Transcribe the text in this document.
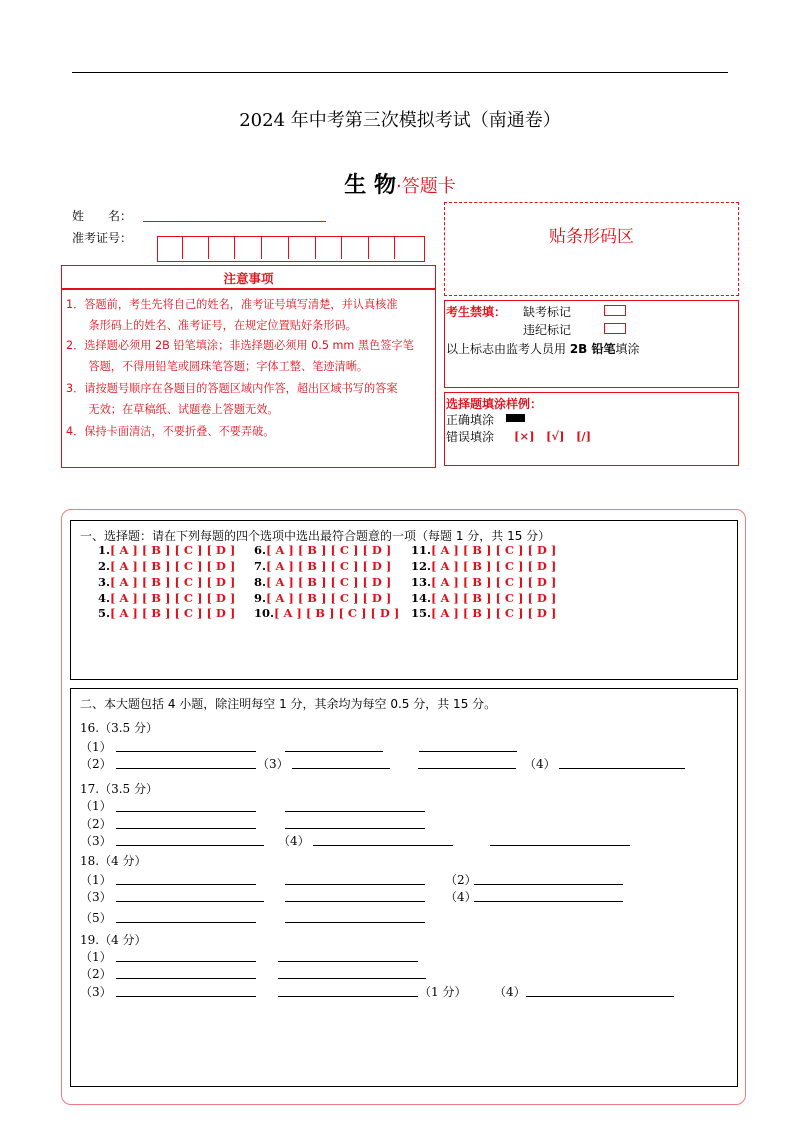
2024 年中考第三次模拟考试（南通卷）
生 物·答题卡
姓　　名：
准考证号：	贴条形码区
注意事项
1．答题前，考生先将自己的姓名，准考证号填写清楚，并认真核准
　　条形码上的姓名、准考证号，在规定位置贴好条形码。
2．选择题必须用 2B 铅笔填涂；非选择题必须用 0.5 mm 黑色签字笔
　　答题，不得用铅笔或圆珠笔答题；字体工整、笔迹清晰。
3．请按题号顺序在各题目的答题区域内作答，超出区域书写的答案
　　无效；在草稿纸、试题卷上答题无效。
4．保持卡面清洁，不要折叠、不要弄破。
考生禁填： 缺考标记
违纪标记
以上标志由监考人员用 2B 铅笔填涂
选择题填涂样例：
正确填涂
错误填涂 [×]　[√]　[/]
一、选择题：请在下列每题的四个选项中选出最符合题意的一项（每题 1 分，共 15 分）
1.[ A ] [ B ] [ C ] [ D ]
2.[ A ] [ B ] [ C ] [ D ]
3.[ A ] [ B ] [ C ] [ D ]
4.[ A ] [ B ] [ C ] [ D ]
5.[ A ] [ B ] [ C ] [ D ]
6.[ A ] [ B ] [ C ] [ D ]
7.[ A ] [ B ] [ C ] [ D ]
8.[ A ] [ B ] [ C ] [ D ]
9.[ A ] [ B ] [ C ] [ D ]
10.[ A ] [ B ] [ C ] [ D ]
11.[ A ] [ B ] [ C ] [ D ]
12.[ A ] [ B ] [ C ] [ D ]
13.[ A ] [ B ] [ C ] [ D ]
14.[ A ] [ B ] [ C ] [ D ]
15.[ A ] [ B ] [ C ] [ D ]
二、本大题包括 4 小题，除注明每空 1 分，其余均为每空 0.5 分，共 15 分。
16.（3.5 分）
（1）
（2）	（3）	（4）
17.（3.5 分）
（1）
（2）
（3）	（4）
18.（4 分）
（1）	（2）
（3）	（4）
（5）
19.（4 分）
（1）
（2）
（3）	（1 分） （4）
